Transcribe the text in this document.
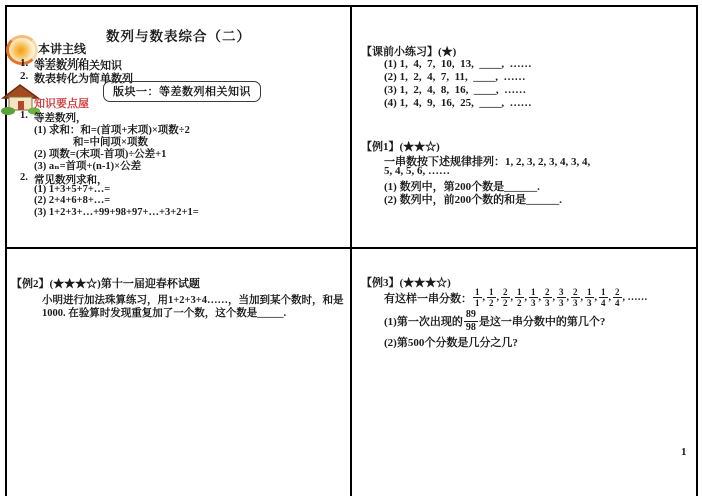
数列与数表综合（二）
本讲主线
1. 等差数列相关知识
2. 数表转化为简单数列
版块一：等差数列相关知识
知识要点屋
1. 等差数列，
(1) 求和：和=(首项+末项)×项数÷2
和=中间项×项数
(2) 项数=(末项-首项)÷公差+1
(3) aₙ=首项+(n-1)×公差
2. 常见数列求和，
(1) 1+3+5+7+…=
(2) 2+4+6+8+…=
(3) 1+2+3+…+99+98+97+…+3+2+1=
【课前小练习】(★)
(1) 1,  4,  7,  10,  13,  ____,  ……
(2) 1,  2,  4,  7,  11,  ____,  ……
(3) 1,  2,  4,  8,  16,  ____,  ……
(4) 1,  4,  9,  16,  25,  ____,  ……
【例1】(★★☆)
一串数按下述规律排列：1, 2, 3, 2, 3, 4, 3, 4,
5, 4, 5, 6, ……
(1) 数列中，第200个数是______.
(2) 数列中，前200个数的和是______.
【例2】(★★★☆)第十一届迎春杯试题
小明进行加法珠算练习，用1+2+3+4……，当加到某个数时，和是
1000. 在验算时发现重复加了一个数，这个数是_____.
【例3】(★★★☆)
有这样一串分数： $\frac{1}{1}$ , $\frac{1}{2}$ , $\frac{2}{2}$ , $\frac{1}{2}$ , $\frac{1}{3}$ , $\frac{2}{3}$ , $\frac{3}{3}$ , $\frac{2}{3}$ , $\frac{1}{3}$ , $\frac{1}{4}$ , $\frac{2}{4}$ , ……
(1)第一次出现的 $\frac{89}{98}$ 是这一串分数中的第几个?
(2)第500个分数是几分之几?
1
